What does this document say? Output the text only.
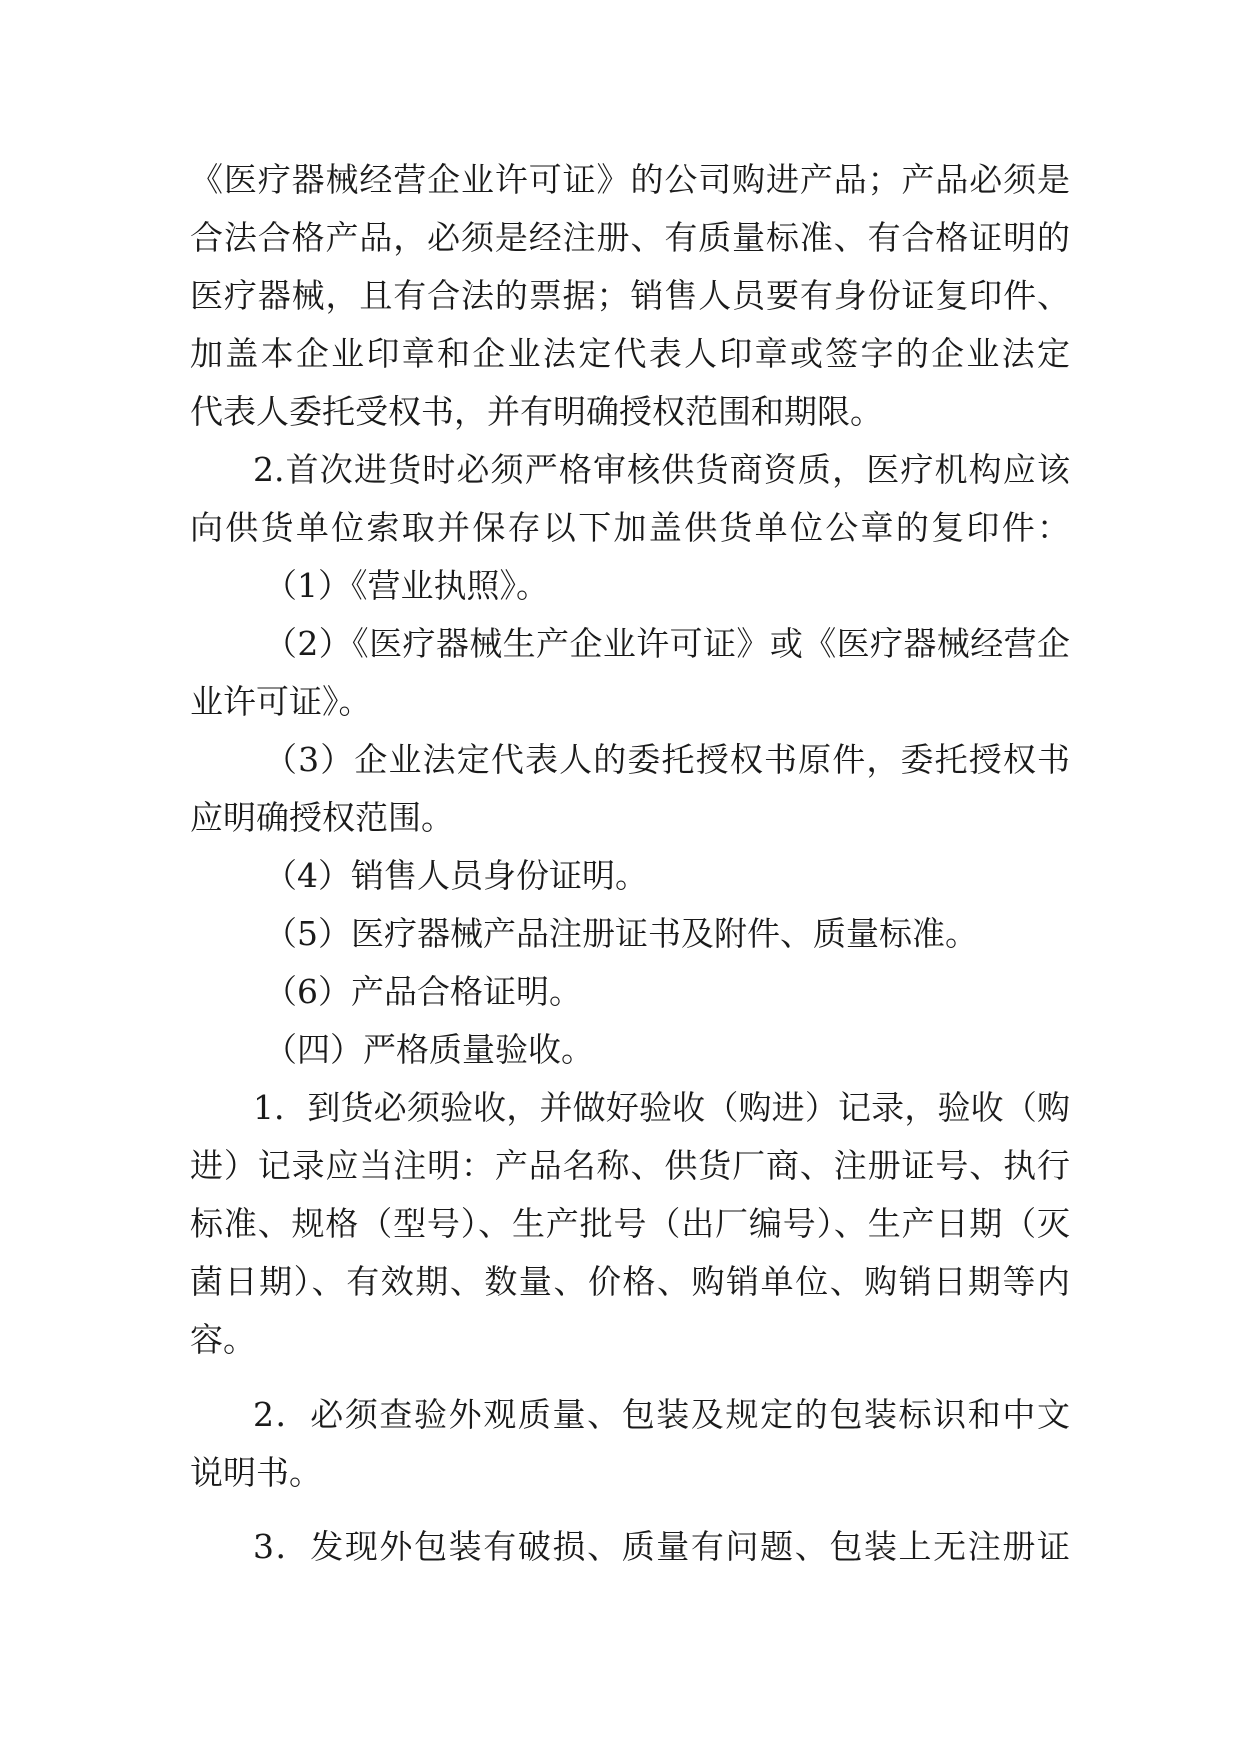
《医疗器械经营企业许可证》的公司购进产品；产品必须是
合法合格产品，必须是经注册、有质量标准、有合格证明的
医疗器械，且有合法的票据；销售人员要有身份证复印件、
加盖本企业印章和企业法定代表人印章或签字的企业法定
代表人委托受权书，并有明确授权范围和期限。
2.首次进货时必须严格审核供货商资质，医疗机构应该
向供货单位索取并保存以下加盖供货单位公章的复印件：
（1）《营业执照》。
（2）《医疗器械生产企业许可证》或《医疗器械经营企
业许可证》。
（3）企业法定代表人的委托授权书原件，委托授权书
应明确授权范围。
（4）销售人员身份证明。
（5）医疗器械产品注册证书及附件、质量标准。
（6）产品合格证明。
（四）严格质量验收。
1．到货必须验收，并做好验收（购进）记录，验收（购
进）记录应当注明：产品名称、供货厂商、注册证号、执行
标准、规格（型号）、生产批号（出厂编号）、生产日期（灭
菌日期）、有效期、数量、价格、购销单位、购销日期等内
容。
2．必须查验外观质量、包装及规定的包装标识和中文
说明书。
3．发现外包装有破损、质量有问题、包装上无注册证
